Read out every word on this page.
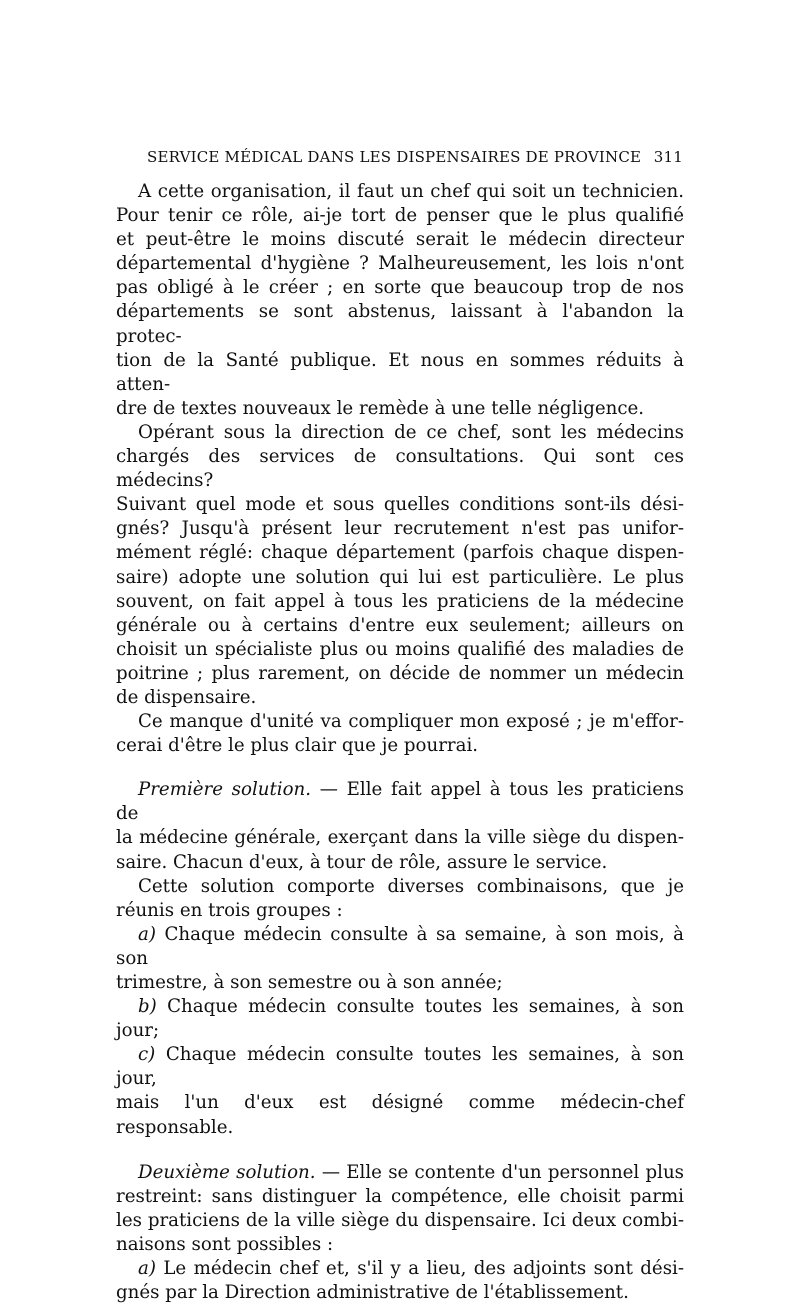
SERVICE MÉDICAL DANS LES DISPENSAIRES DE PROVINCE 311

A cette organisation, il faut un chef qui soit un technicien.

Pour tenir ce rôle, ai-je tort de penser que le plus qualifié

et peut-être le moins discuté serait le médecin directeur

départemental d'hygiène ? Malheureusement, les lois n'ont

pas obligé à le créer ; en sorte que beaucoup trop de nos

départements se sont abstenus, laissant à l'abandon la protec-

tion de la Santé publique. Et nous en sommes réduits à atten-

dre de textes nouveaux le remède à une telle négligence.

Opérant sous la direction de ce chef, sont les médecins

chargés des services de consultations. Qui sont ces médecins?

Suivant quel mode et sous quelles conditions sont-ils dési-

gnés? Jusqu'à présent leur recrutement n'est pas unifor-

mément réglé: chaque département (parfois chaque dispen-

saire) adopte une solution qui lui est particulière. Le plus

souvent, on fait appel à tous les praticiens de la médecine

générale ou à certains d'entre eux seulement; ailleurs on

choisit un spécialiste plus ou moins qualifié des maladies de

poitrine ; plus rarement, on décide de nommer un médecin

de dispensaire.

Ce manque d'unité va compliquer mon exposé ; je m'effor-

cerai d'être le plus clair que je pourrai.

Première solution. — Elle fait appel à tous les praticiens de

la médecine générale, exerçant dans la ville siège du dispen-

saire. Chacun d'eux, à tour de rôle, assure le service.

Cette solution comporte diverses combinaisons, que je

réunis en trois groupes :

a) Chaque médecin consulte à sa semaine, à son mois, à son

trimestre, à son semestre ou à son année;

b) Chaque médecin consulte toutes les semaines, à son jour;

c) Chaque médecin consulte toutes les semaines, à son jour,

mais l'un d'eux est désigné comme médecin-chef responsable.

Deuxième solution. — Elle se contente d'un personnel plus

restreint: sans distinguer la compétence, elle choisit parmi

les praticiens de la ville siège du dispensaire. Ici deux combi-

naisons sont possibles :

a) Le médecin chef et, s'il y a lieu, des adjoints sont dési-

gnés par la Direction administrative de l'établissement.
